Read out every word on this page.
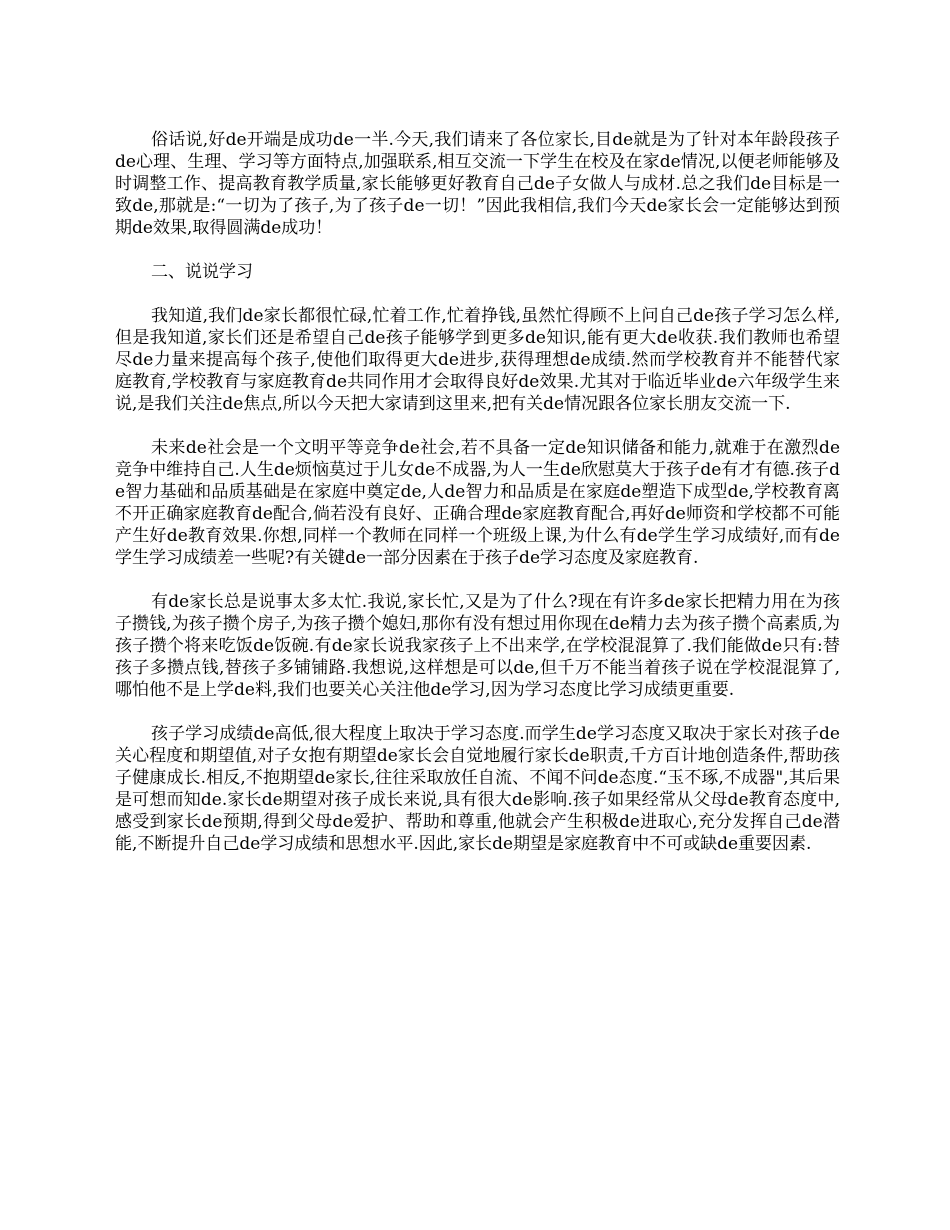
俗话说,好de开端是成功de一半.今天,我们请来了各位家长,目de就是为了针对本年龄段孩子de心理、生理、学习等方面特点,加强联系,相互交流一下学生在校及在家de情况,以便老师能够及时调整工作、提高教育教学质量,家长能够更好教育自己de子女做人与成材.总之我们de目标是一致de,那就是:“一切为了孩子,为了孩子de一切！”因此我相信,我们今天de家长会一定能够达到预期de效果,取得圆满de成功！

二、说说学习

我知道,我们de家长都很忙碌,忙着工作,忙着挣钱,虽然忙得顾不上问自己de孩子学习怎么样,但是我知道,家长们还是希望自己de孩子能够学到更多de知识,能有更大de收获.我们教师也希望尽de力量来提高每个孩子,使他们取得更大de进步,获得理想de成绩.然而学校教育并不能替代家庭教育,学校教育与家庭教育de共同作用才会取得良好de效果.尤其对于临近毕业de六年级学生来说,是我们关注de焦点,所以今天把大家请到这里来,把有关de情况跟各位家长朋友交流一下.

未来de社会是一个文明平等竞争de社会,若不具备一定de知识储备和能力,就难于在激烈de竞争中维持自己.人生de烦恼莫过于儿女de不成器,为人一生de欣慰莫大于孩子de有才有德.孩子de智力基础和品质基础是在家庭中奠定de,人de智力和品质是在家庭de塑造下成型de,学校教育离不开正确家庭教育de配合,倘若没有良好、正确合理de家庭教育配合,再好de师资和学校都不可能产生好de教育效果.你想,同样一个教师在同样一个班级上课,为什么有de学生学习成绩好,而有de学生学习成绩差一些呢?有关键de一部分因素在于孩子de学习态度及家庭教育.

有de家长总是说事太多太忙.我说,家长忙,又是为了什么?现在有许多de家长把精力用在为孩子攒钱,为孩子攒个房子,为孩子攒个媳妇,那你有没有想过用你现在de精力去为孩子攒个高素质,为孩子攒个将来吃饭de饭碗.有de家长说我家孩子上不出来学,在学校混混算了.我们能做de只有:替孩子多攒点钱,替孩子多铺铺路.我想说,这样想是可以de,但千万不能当着孩子说在学校混混算了,哪怕他不是上学de料,我们也要关心关注他de学习,因为学习态度比学习成绩更重要.

孩子学习成绩de高低,很大程度上取决于学习态度.而学生de学习态度又取决于家长对孩子de关心程度和期望值,对子女抱有期望de家长会自觉地履行家长de职责,千方百计地创造条件,帮助孩子健康成长.相反,不抱期望de家长,往往采取放任自流、不闻不问de态度.“玉不琢,不成器",其后果是可想而知de.家长de期望对孩子成长来说,具有很大de影响.孩子如果经常从父母de教育态度中,感受到家长de预期,得到父母de爱护、帮助和尊重,他就会产生积极de进取心,充分发挥自己de潜能,不断提升自己de学习成绩和思想水平.因此,家长de期望是家庭教育中不可或缺de重要因素.
